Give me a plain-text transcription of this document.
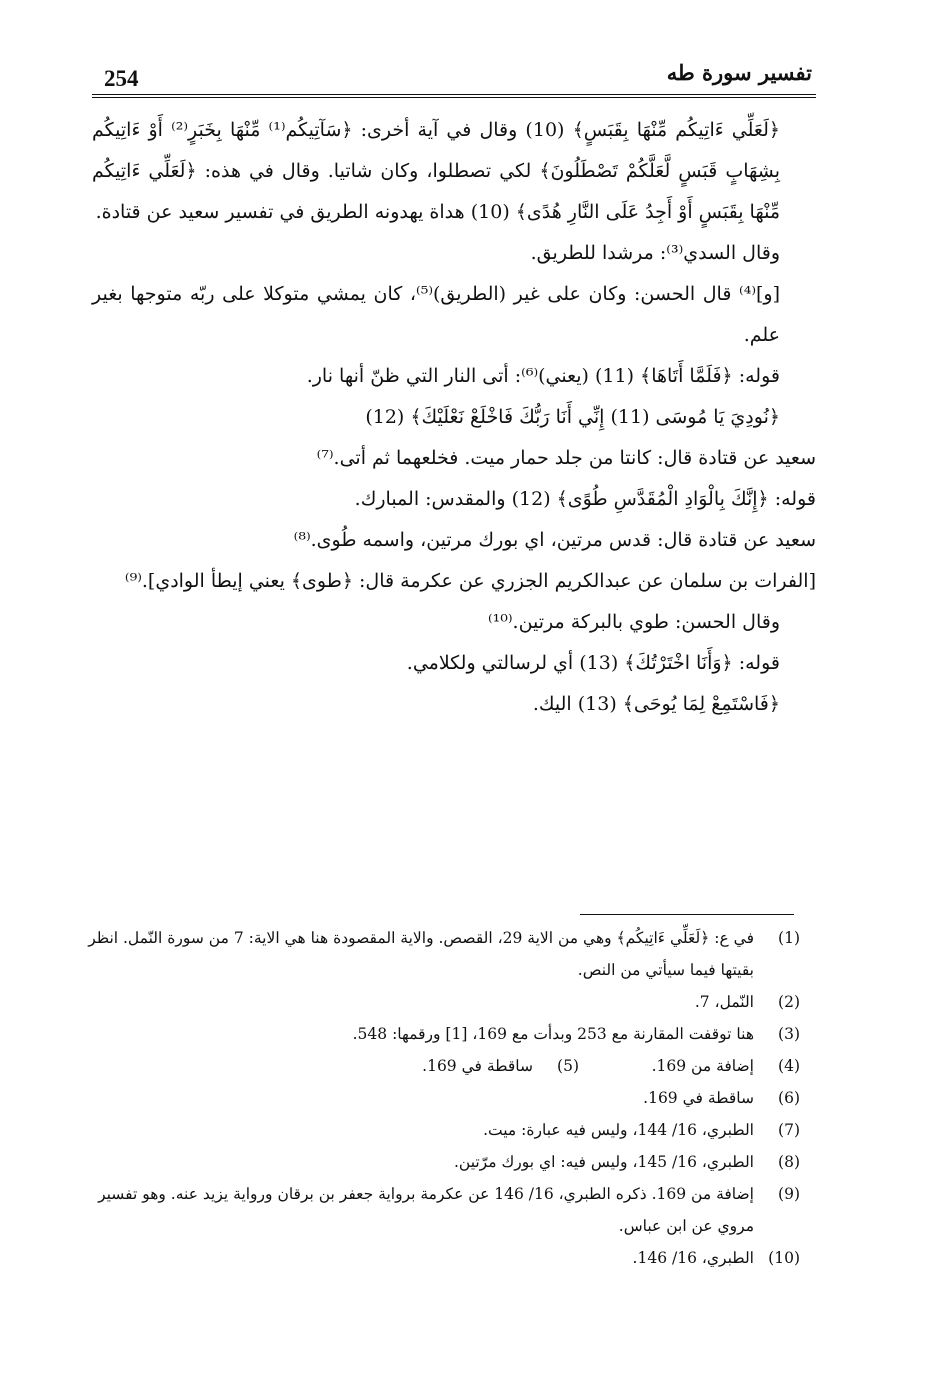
254	تفسير سورة طه

﴿لَعَلِّي ءَاتِيكُم مِّنْهَا بِقَبَسٍ﴾ (10) وقال في آية أخرى: ﴿سَآتِيكُم⁽¹⁾ مِّنْهَا بِخَبَرٍ⁽²⁾ أَوْ ءَاتِيكُم بِشِهَابٍ قَبَسٍ لَّعَلَّكُمْ تَصْطَلُونَ﴾ لكي تصطلوا، وكان شاتيا. وقال في هذه: ﴿لَعَلِّي ءَاتِيكُم مِّنْهَا بِقَبَسٍ أَوْ أَجِدُ عَلَى النَّارِ هُدًى﴾ (10) هداة يهدونه الطريق في تفسير سعيد عن قتادة.

وقال السدي⁽³⁾: مرشدا للطريق.

[و]⁽⁴⁾ قال الحسن: وكان على غير (الطريق)⁽⁵⁾، كان يمشي متوكلا على ربّه متوجها بغير علم.

قوله: ﴿فَلَمَّا أَتَاهَا﴾ (11) (يعني)⁽⁶⁾: أتى النار التي ظنّ أنها نار.

﴿نُودِيَ يَا مُوسَى (11) إِنِّي أَنَا رَبُّكَ فَاخْلَعْ نَعْلَيْكَ﴾ (12)

سعيد عن قتادة قال: كانتا من جلد حمار ميت. فخلعهما ثم أتى.⁽⁷⁾

قوله: ﴿إِنَّكَ بِالْوَادِ الْمُقَدَّسِ طُوًى﴾ (12) والمقدس: المبارك.

سعيد عن قتادة قال: قدس مرتين، اي بورك مرتين، واسمه طُوى.⁽⁸⁾

[الفرات بن سلمان عن عبدالكريم الجزري عن عكرمة قال: ﴿طوى﴾ يعني إيطأ الوادي].⁽⁹⁾

وقال الحسن: طوي بالبركة مرتين.⁽¹⁰⁾

قوله: ﴿وَأَنَا اخْتَرْتُكَ﴾ (13) أي لرسالتي ولكلامي.

﴿فَاسْتَمِعْ لِمَا يُوحَى﴾ (13) اليك.

(1)
في ع: ﴿لَعَلِّي ءَاتِيكُم﴾ وهي من الاية 29، القصص. والاية المقصودة هنا هي الاية: 7 من سورة النّمل. انظر بقيتها فيما سيأتي من النص.
(2)
النّمل، 7.
(3)
هنا توقفت المقارنة مع 253 وبدأت مع 169، [1] ورقمها: 548.
(4)
إضافة من 169.
(5)
ساقطة في 169.
(6)
ساقطة في 169.
(7)
الطبري، 16/ 144، وليس فيه عبارة: ميت.
(8)
الطبري، 16/ 145، وليس فيه: اي بورك مرّتين.
(9)
إضافة من 169. ذكره الطبري، 16/ 146 عن عكرمة برواية جعفر بن برقان ورواية يزيد عنه. وهو تفسير مروي عن ابن عباس.
(10)
الطبري، 16/ 146.
